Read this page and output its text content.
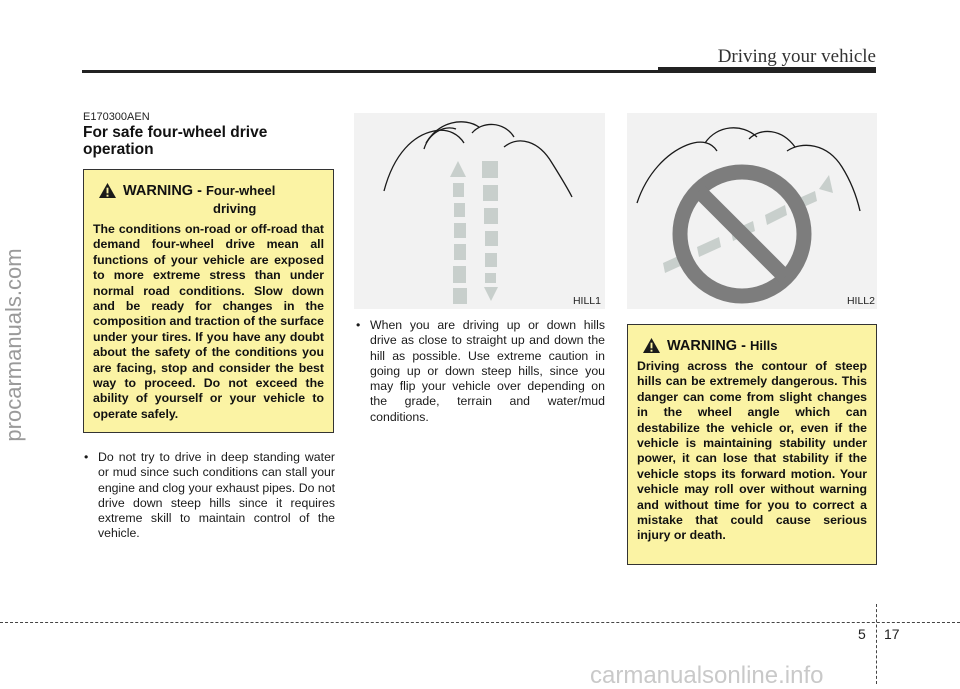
procarmanuals.com
carmanualsonline.info
Driving your vehicle
E170300AEN
For safe four-wheel drive operation
WARNING - Four-wheel
driving
The conditions on-road or off-road that demand four-wheel drive mean all functions of your vehicle are exposed to more extreme stress than under normal road conditions. Slow down and be ready for changes in the composition and traction of the surface under your tires. If you have any doubt about the safety of the conditions you are facing, stop and consider the best way to proceed. Do not exceed the ability of yourself or your vehicle to operate safely.
• Do not try to drive in deep standing water or mud since such conditions can stall your engine and clog your exhaust pipes. Do not drive down steep hills since it requires extreme skill to maintain control of the vehicle.
HILL1	HILL2
• When you are driving up or down hills drive as close to straight up and down the hill as possible. Use extreme caution in going up or down steep hills, since you may flip your vehicle over depending on the grade, terrain and water/mud conditions.
WARNING - Hills
Driving across the contour of steep hills can be extremely dangerous. This danger can come from slight changes in the wheel angle which can destabilize the vehicle or, even if the vehicle is maintaining stability under power, it can lose that stability if the vehicle stops its forward motion. Your vehicle may roll over without warning and without time for you to correct a mistake that could cause serious injury or death.
5 17
